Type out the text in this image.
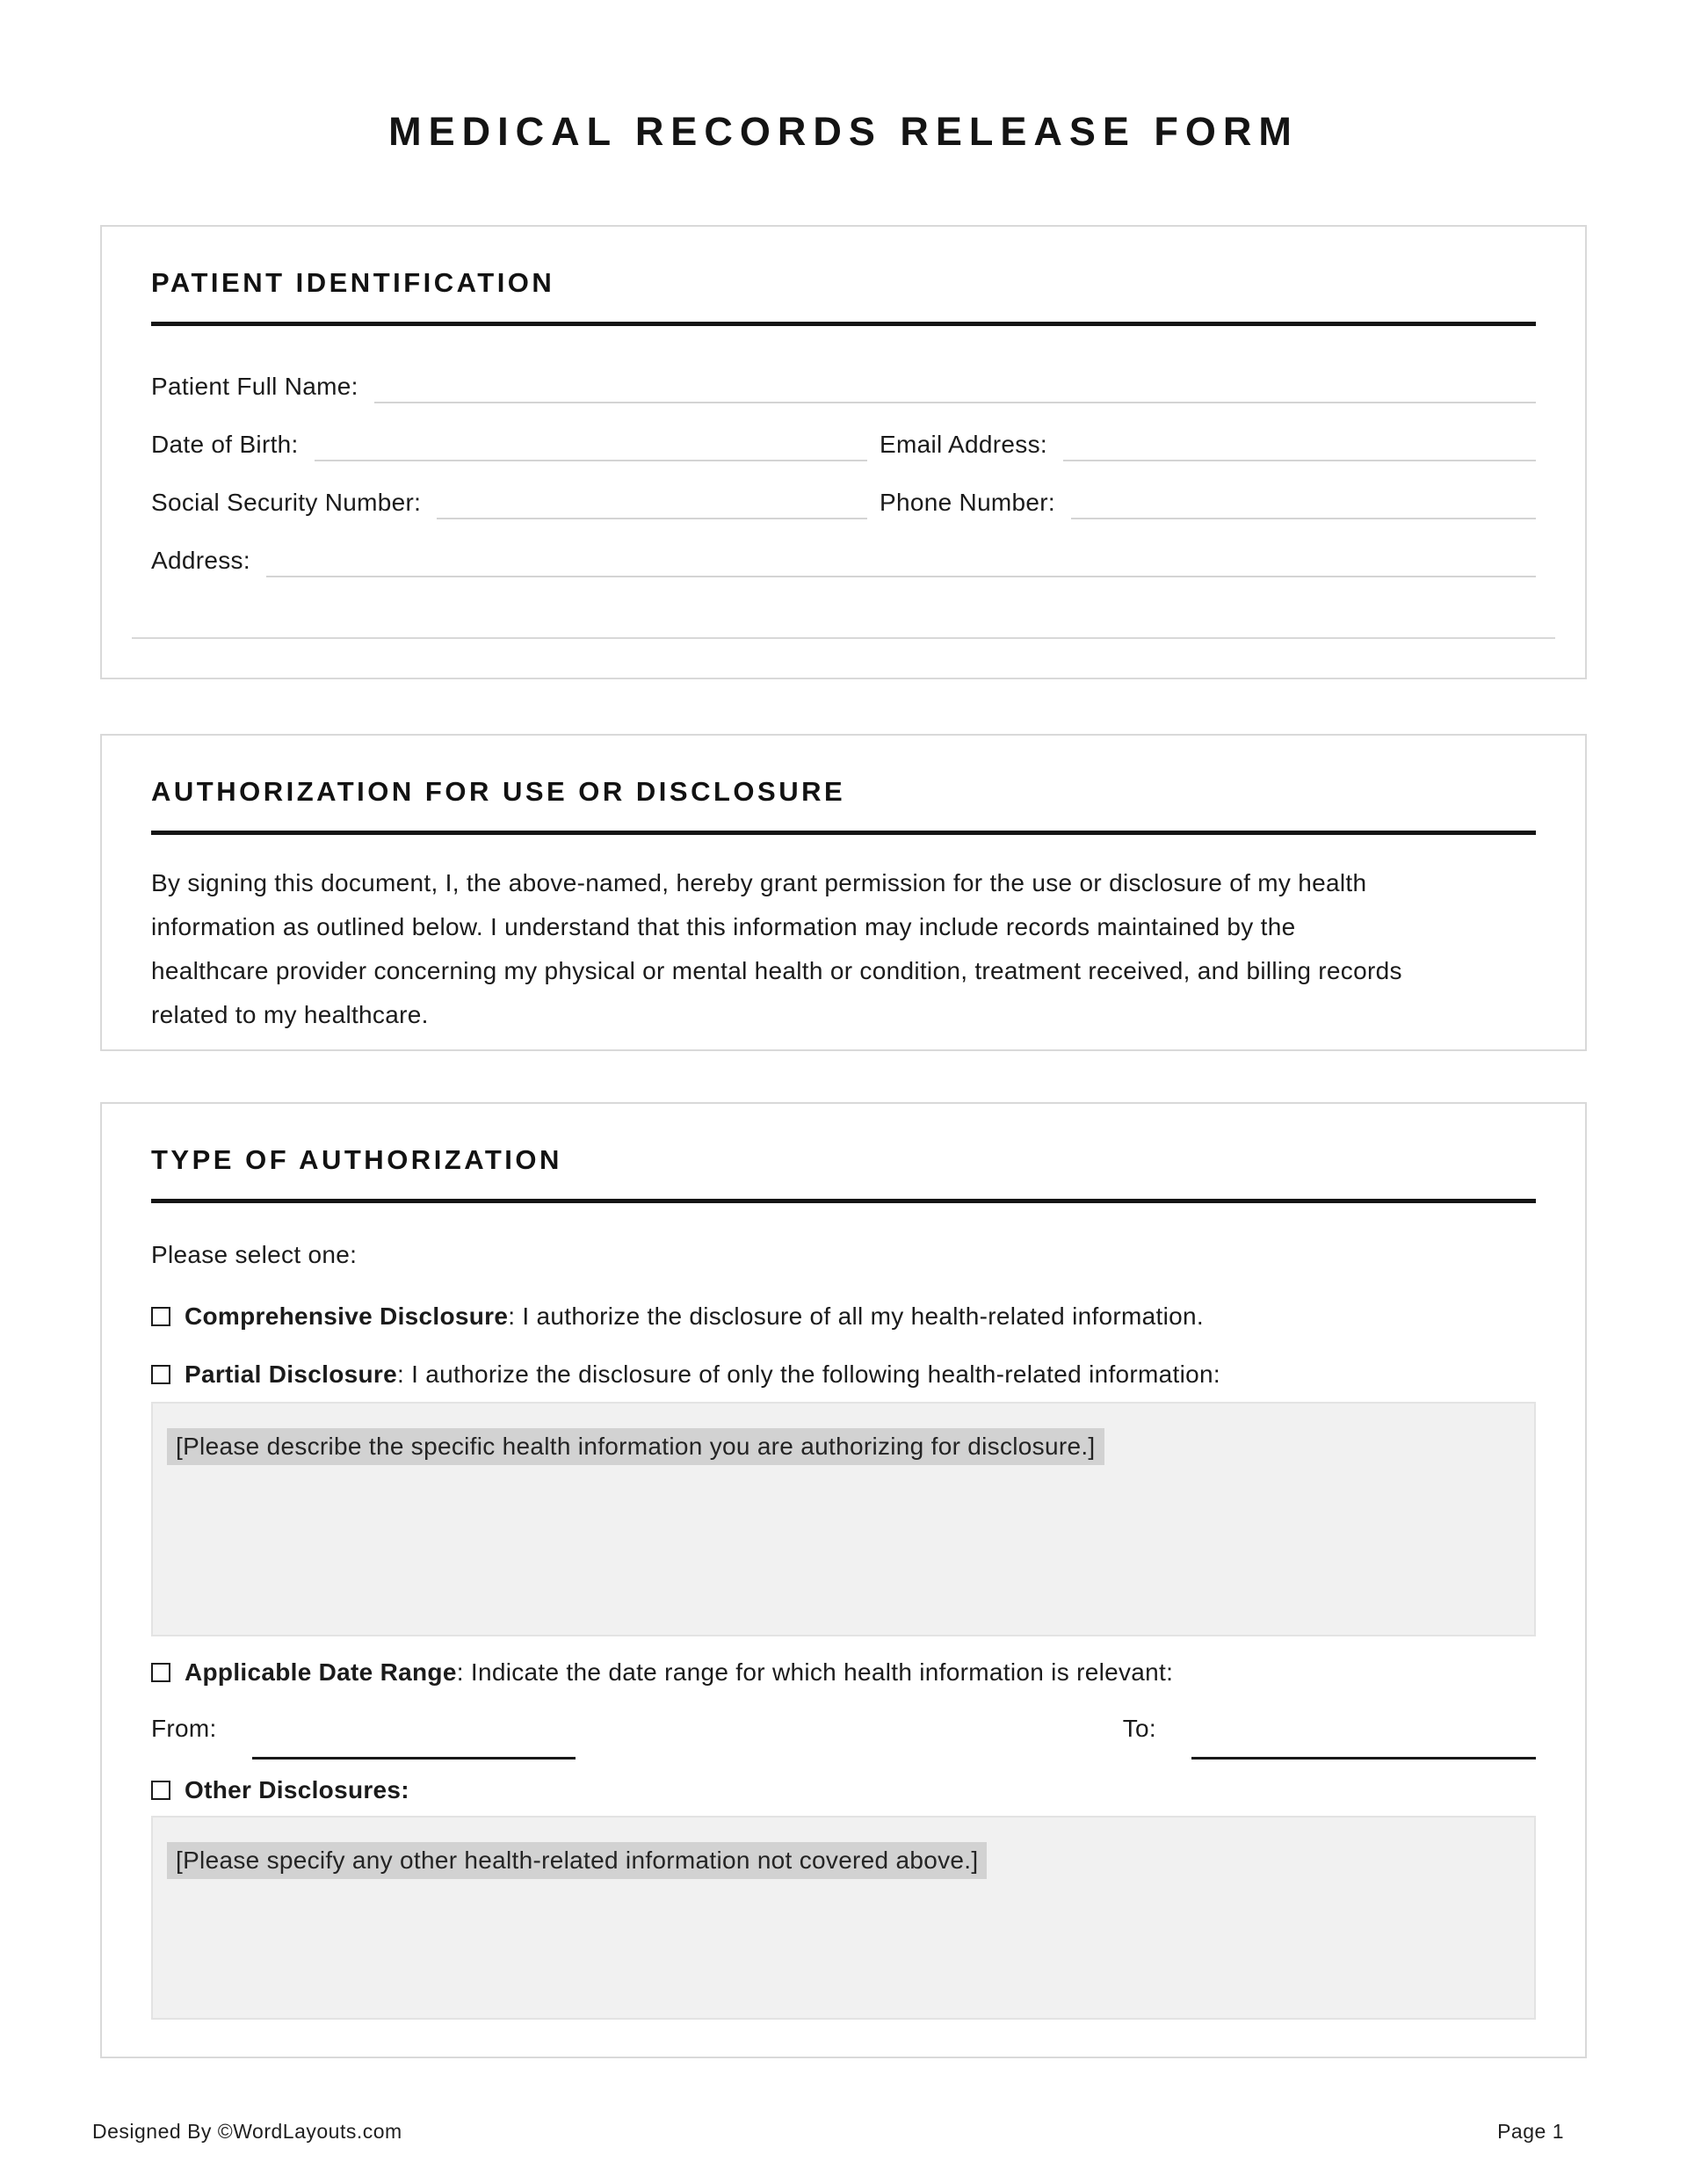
MEDICAL RECORDS RELEASE FORM
PATIENT IDENTIFICATION
Patient Full Name:
Date of Birth:	Email Address:
Social Security Number:	Phone Number:
Address:
AUTHORIZATION FOR USE OR DISCLOSURE

By signing this document, I, the above-named, hereby grant permission for the use or disclosure of my health information as outlined below. I understand that this information may include records maintained by the healthcare provider concerning my physical or mental health or condition, treatment received, and billing records related to my healthcare.

TYPE OF AUTHORIZATION
Please select one:
Comprehensive Disclosure: I authorize the disclosure of all my health-related information.
Partial Disclosure: I authorize the disclosure of only the following health-related information:
[Please describe the specific health information you are authorizing for disclosure.]
Applicable Date Range: Indicate the date range for which health information is relevant:
From:	To:
Other Disclosures:
[Please specify any other health-related information not covered above.]
Designed By ©WordLayouts.com	Page 1
